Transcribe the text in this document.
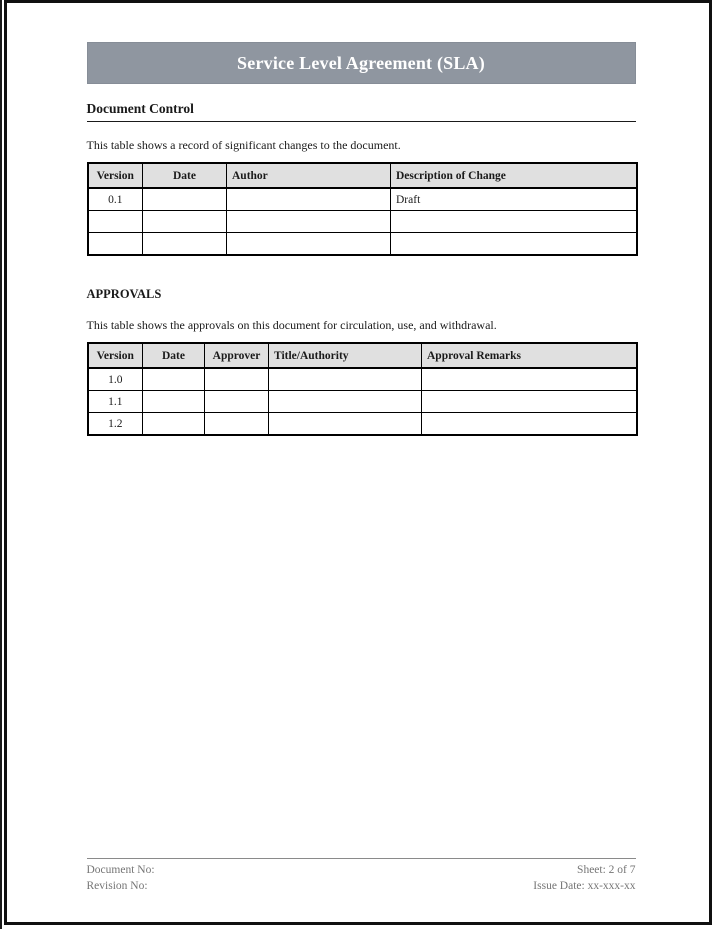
Service Level Agreement (SLA)
Document Control
This table shows a record of significant changes to the document.
Version	Date	Author	Description of Change
0.1			Draft

APPROVALS
This table shows the approvals on this document for circulation, use, and withdrawal.
Version	Date	Approver	Title/Authority	Approval Remarks
1.0				
1.1				
1.2				
Document No:
Revision No:
Sheet: 2 of 7
Issue Date: xx-xxx-xx
